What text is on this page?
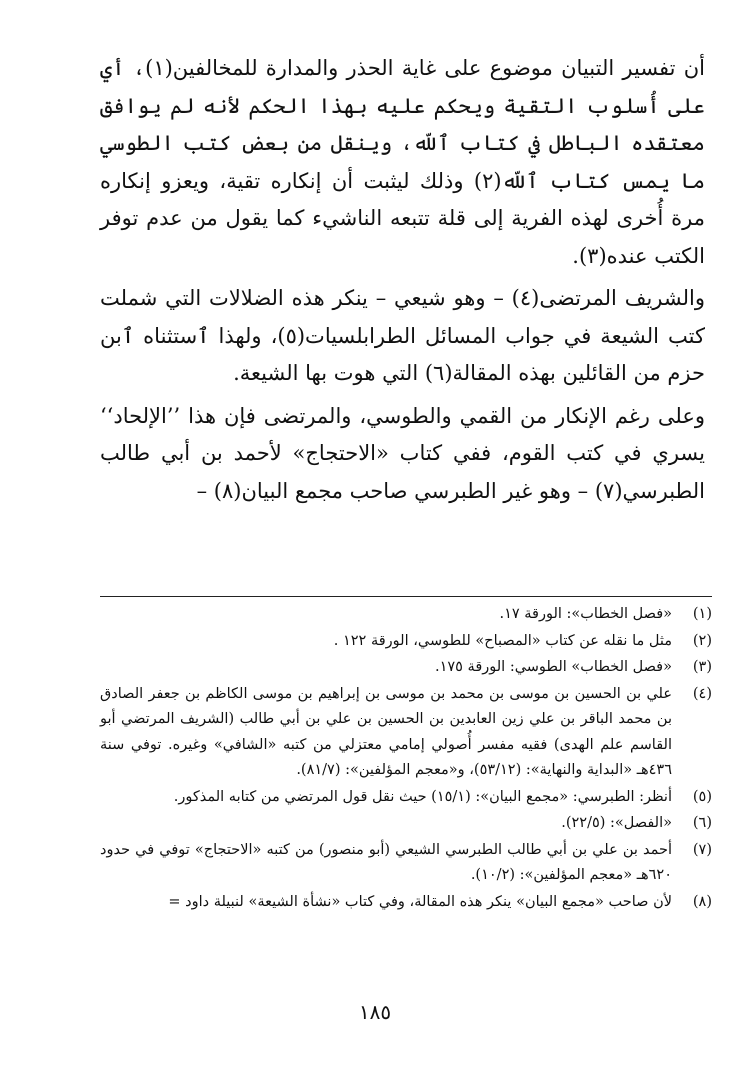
أن تفسير التبيان موضوع على غاية الحذر والمدارة للمخالفين(١)، أي على أُسلوب التقية ويحكم عليه بهذا الحكم لأنه لم يوافق معتقده الباطل في كتاب ٱللّه، وينقل من بعض كتب الطوسي ما يمس كتاب ٱللّه(٢) وذلك ليثبت أن إنكاره تقية، ويعزو إنكاره مرة أُخرى لهذه الفرية إلى قلة تتبعه الناشيء كما يقول من عدم توفر الكتب عنده(٣).

والشريف المرتضى(٤) – وهو شيعي – ينكر هذه الضلالات التي شملت كتب الشيعة في جواب المسائل الطرابلسيات(٥)، ولهذا ٱستثناه ٱبن حزم من القائلين بهذه المقالة(٦) التي هوت بها الشيعة.

وعلى رغم الإنكار من القمي والطوسي، والمرتضى فإن هذا ’’الإلحاد‘‘ يسري في كتب القوم، ففي كتاب «الاحتجاج» لأحمد بن أبي طالب الطبرسي(٧) – وهو غير الطبرسي صاحب مجمع البيان(٨) –

(١)
«فصل الخطاب»: الورقة ١٧.
(٢)
مثل ما نقله عن كتاب «المصباح» للطوسي، الورقة ١٢٢ .
(٣)
«فصل الخطاب» الطوسي: الورقة ١٧٥.
(٤)
علي بن الحسين بن موسى بن محمد بن موسى بن إبراهيم بن موسى الكاظم بن جعفر الصادق بن محمد الباقر بن علي زين العابدين بن الحسين بن علي بن أبي طالب (الشريف المرتضي أبو القاسم علم الهدى) فقيه مفسر أُصولي إمامي معتزلي من كتبه «الشافي» وغيره. توفي سنة ٤٣٦هـ «البداية والنهاية»: (٥٣/١٢)، و«معجم المؤلفين»: (٨١/٧).
(٥)
أنظر: الطبرسي: «مجمع البيان»: (١٥/١) حيث نقل قول المرتضي من كتابه المذكور.
(٦)
«الفصل»: (٢٢/٥).
(٧)
أحمد بن علي بن أبي طالب الطبرسي الشيعي (أبو منصور) من كتبه «الاحتجاج» توفي في حدود ٦٢٠هـ «معجم المؤلفين»: (١٠/٢).
(٨)
لأن صاحب «مجمع البيان» ينكر هذه المقالة، وفي كتاب «نشأة الشيعة» لنبيلة داود =
١٨٥
